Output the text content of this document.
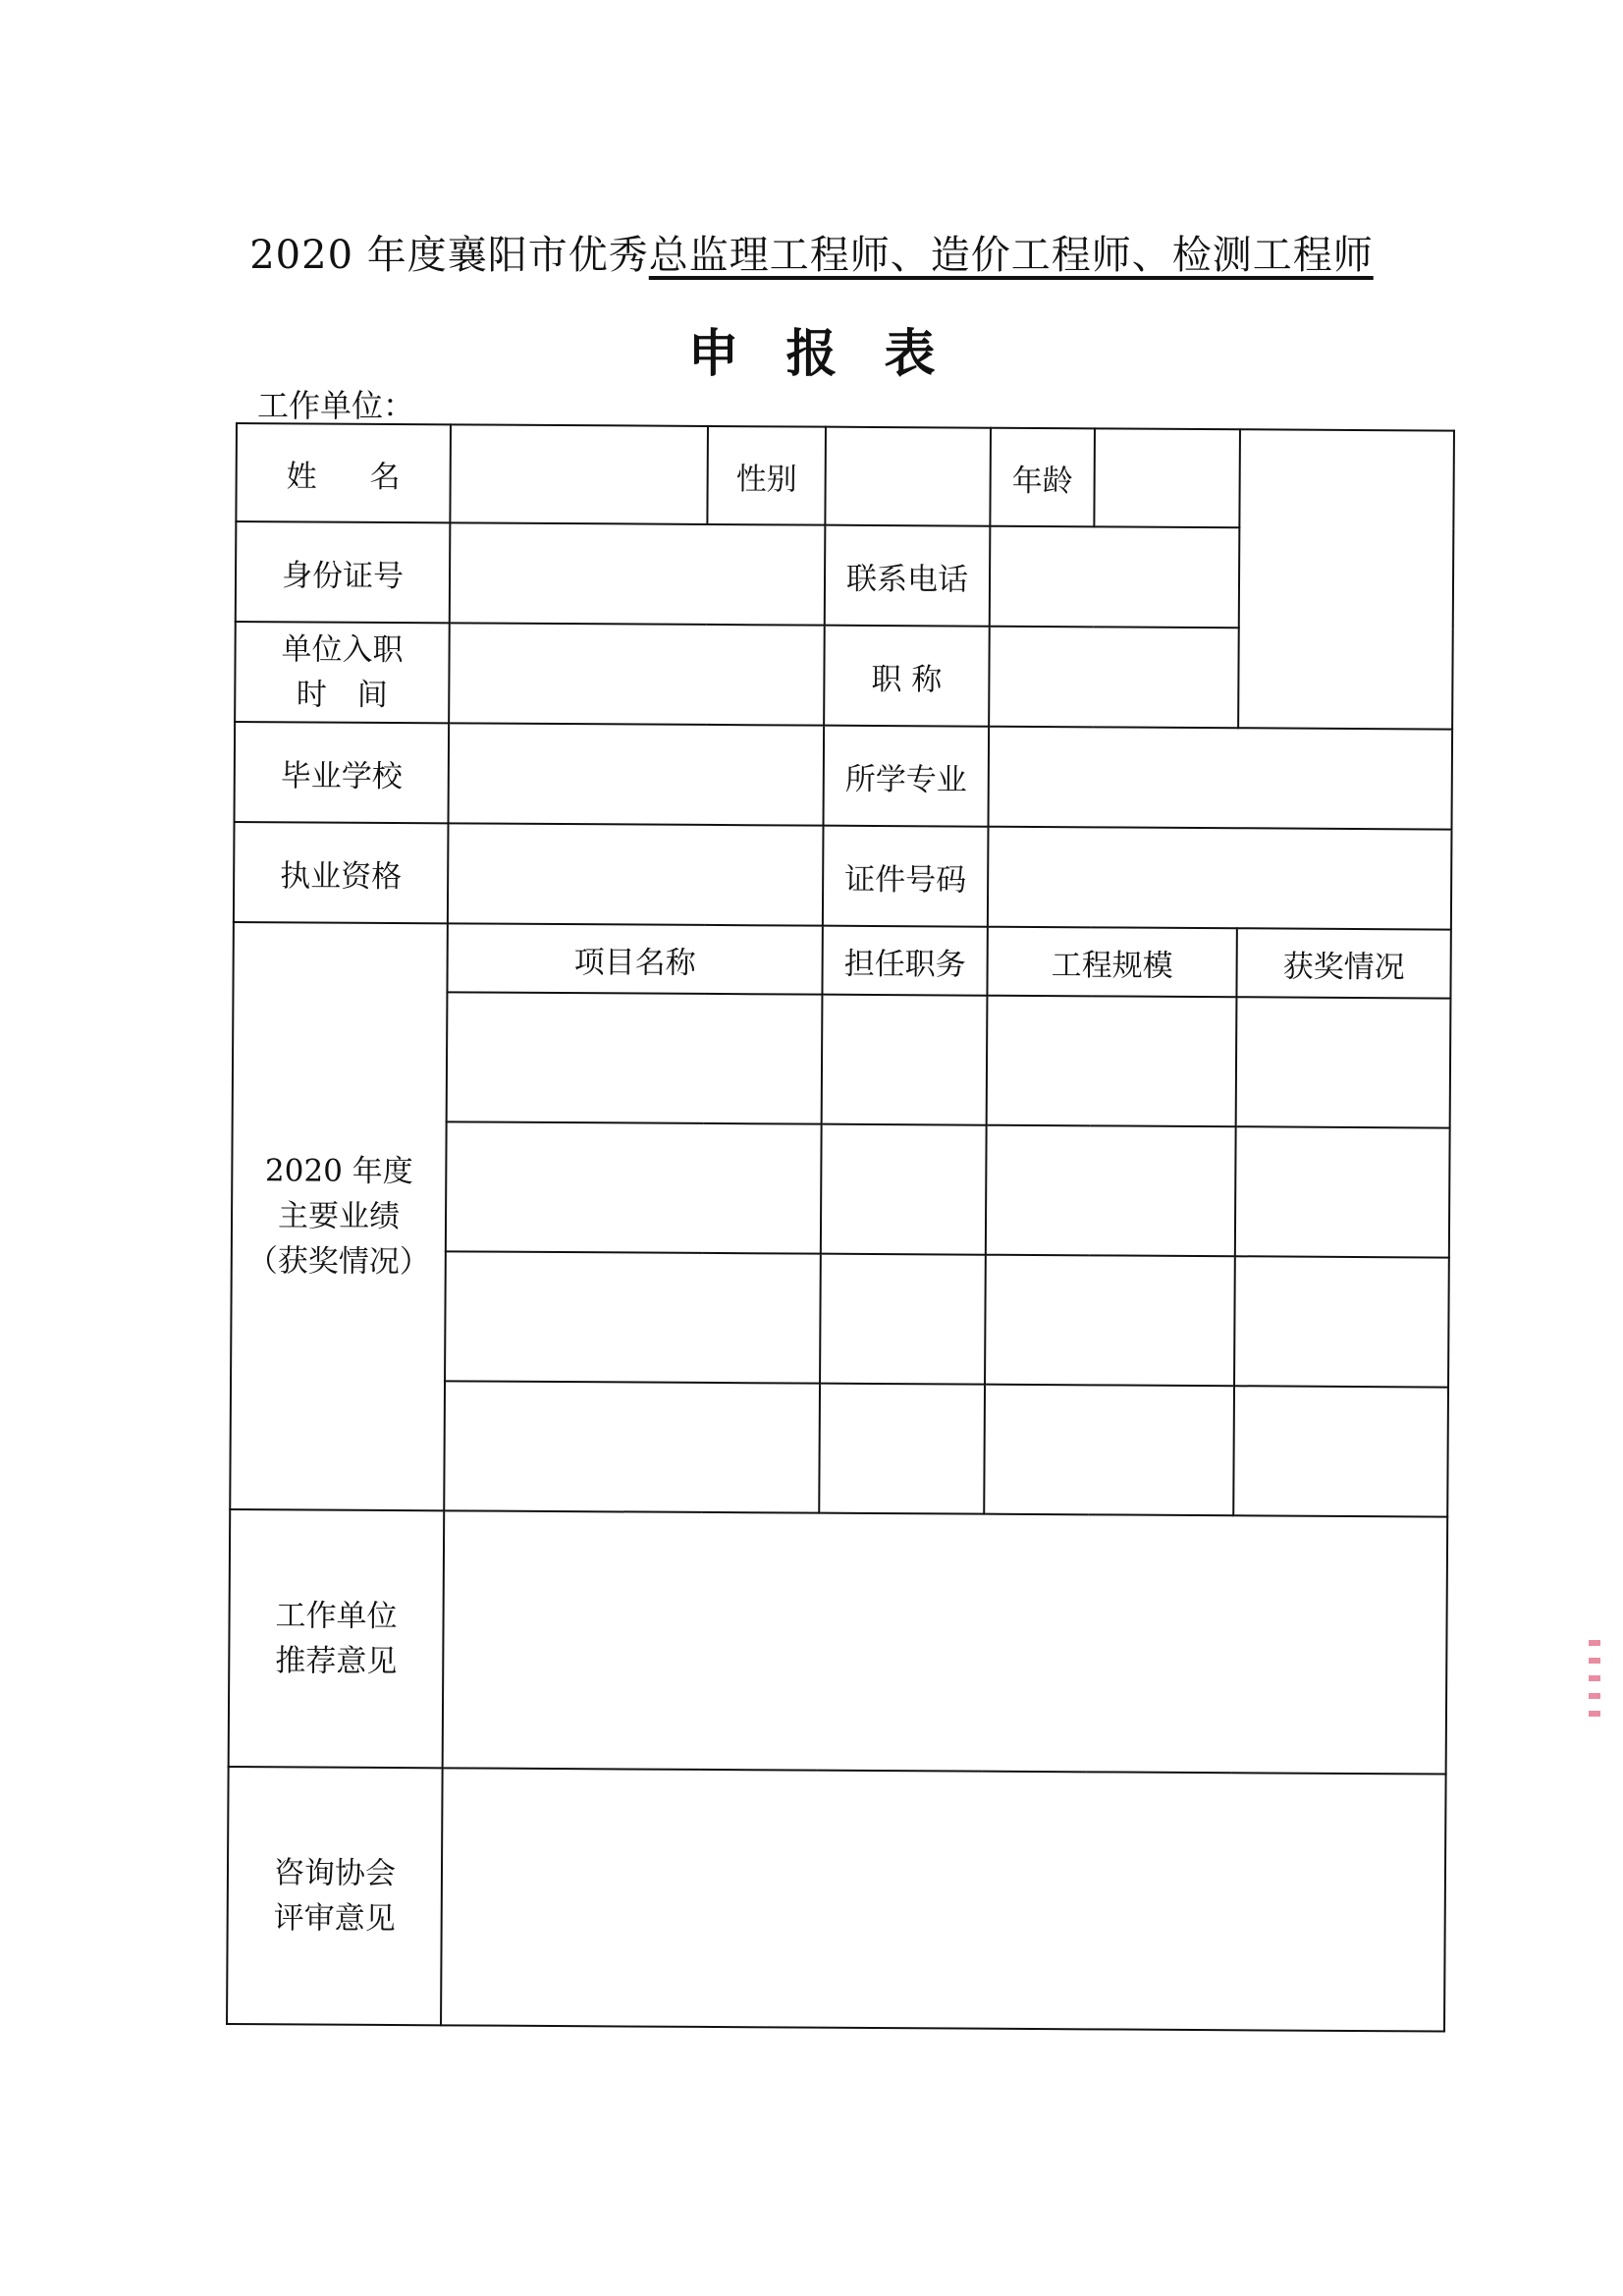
2020 年度襄阳市优秀总监理工程师、造价工程师、检测工程师
申报表
工作单位：
姓 名		性别		年龄		
身份证号			联系电话			

单位入职
时　间			职 称			
毕业学校			所学专业			
执业资格			证件号码			

2020 年度
主要业绩
（获奖情况）	项目名称		担任职务	工程规模		获奖情况

工作单位
推荐意见						

咨询协会
评审意见						
